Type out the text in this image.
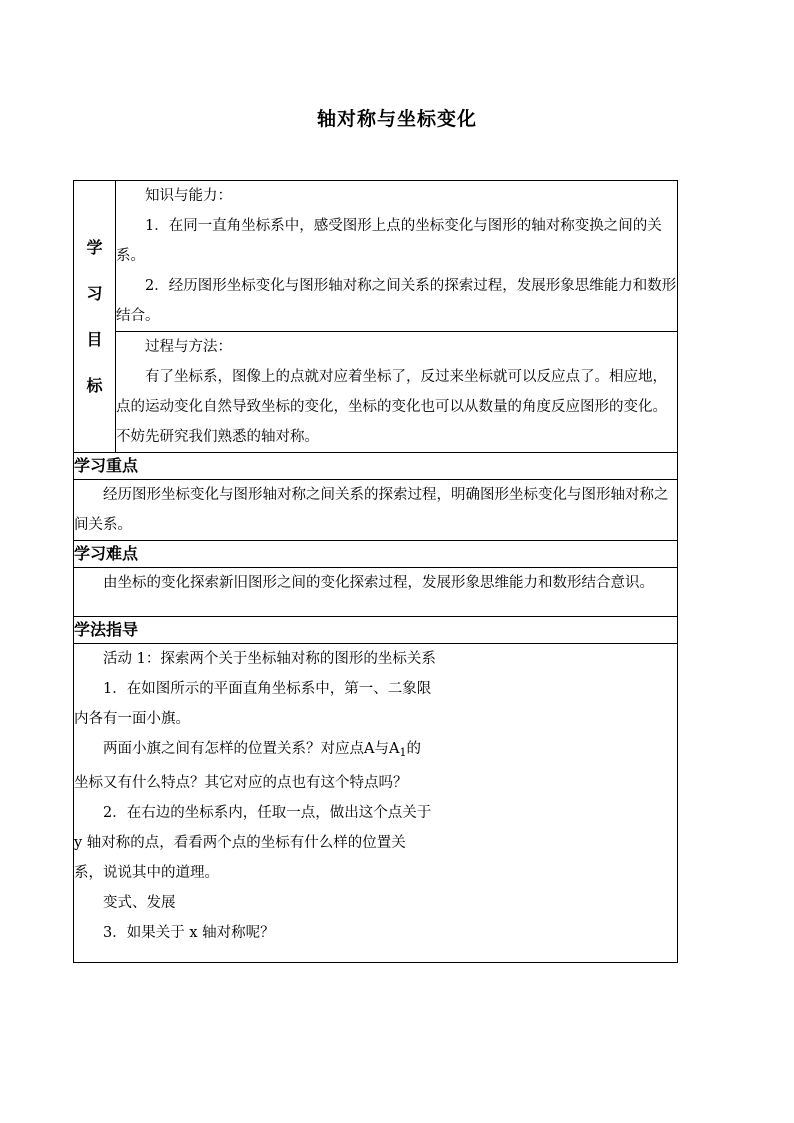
轴对称与坐标变化
学
习
目
标

知识与能力：

1．在同一直角坐标系中，感受图形上点的坐标变化与图形的轴对称变换之间的关系。

2．经历图形坐标变化与图形轴对称之间关系的探索过程，发展形象思维能力和数形结合。

过程与方法：

有了坐标系，图像上的点就对应着坐标了，反过来坐标就可以反应点了。相应地，点的运动变化自然导致坐标的变化，坐标的变化也可以从数量的角度反应图形的变化。不妨先研究我们熟悉的轴对称。

学习重点

经历图形坐标变化与图形轴对称之间关系的探索过程，明确图形坐标变化与图形轴对称之间关系。

学习难点

由坐标的变化探索新旧图形之间的变化探索过程，发展形象思维能力和数形结合意识。

学法指导

活动 1：探索两个关于坐标轴对称的图形的坐标关系

1．在如图所示的平面直角坐标系中，第一、二象限内各有一面小旗。

两面小旗之间有怎样的位置关系？对应点A与$A_1$的坐标又有什么特点？其它对应的点也有这个特点吗？

2．在右边的坐标系内，任取一点，做出这个点关于 y 轴对称的点，看看两个点的坐标有什么样的位置关系，说说其中的道理。

变式、发展

3．如果关于 x 轴对称呢？
